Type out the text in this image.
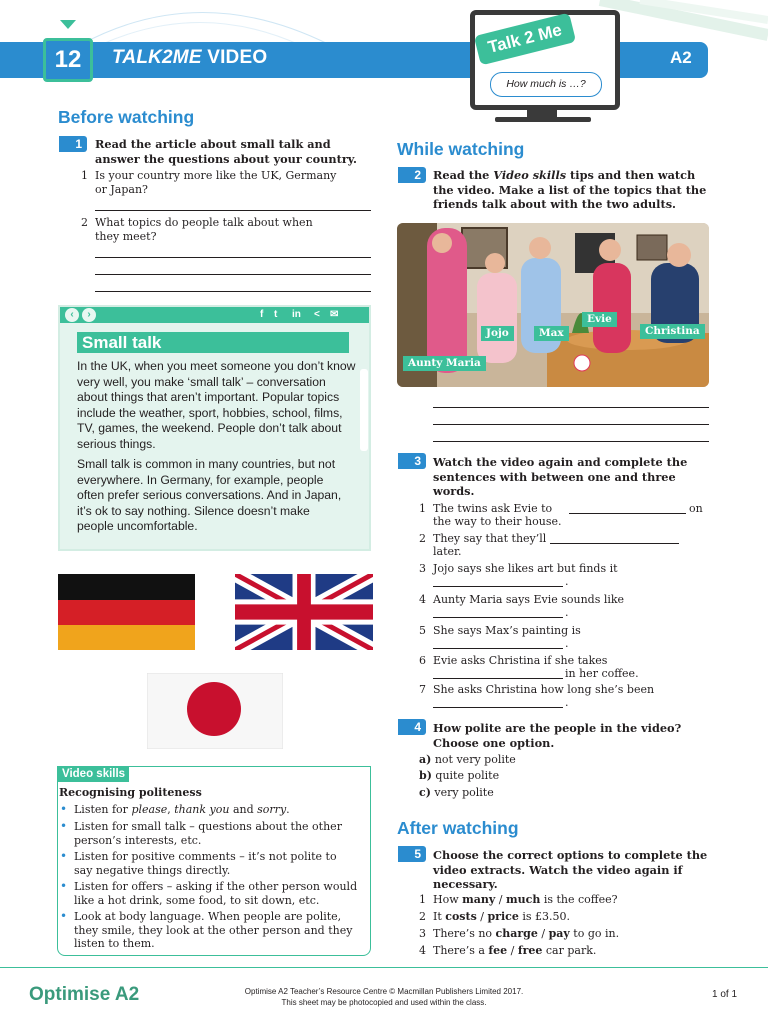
12	TALK2ME VIDEO	A2
Talk 2 Me
How much is …?
Before watching
1	Read the article about small talk and answer the questions about your country.
1 Is your country more like the UK, Germany or Japan?
2 What topics do people talk about when they meet?
‹	›	f t in < ✉
Small talk
In the UK, when you meet someone you don’t know very well, you make ‘small talk’ – conversation about things that aren’t important. Popular topics include the weather, sport, hobbies, school, films, TV, games, the weekend. People don’t talk about serious things.
Small talk is common in many countries, but not everywhere. In Germany, for example, people often prefer serious conversations. And in Japan, it’s ok to say nothing. Silence doesn’t make people uncomfortable.
Video skills
Recognising politeness
• Listen for please, thank you and sorry.
• Listen for small talk – questions about the other person’s interests, etc.
• Listen for positive comments – it’s not polite to say negative things directly.
• Listen for offers – asking if the other person would like a hot drink, some food, to sit down, etc.
• Look at body language. When people are polite, they smile, they look at the other person and they listen to them.
While watching
2	Read the Video skills tips and then watch the video. Make a list of the topics that the friends talk about with the two adults.
Jojo	Max
Evie
Christina
Aunty Maria
3	Watch the video again and complete the sentences with between one and three words.
1 The twins ask Evie to	on
the way to their house.
2 They say that they’ll
later.
3 Jojo says she likes art but finds it
.
4 Aunty Maria says Evie sounds like
.
5 She says Max’s painting is
.
6 Evie asks Christina if she takes
in her coffee.
7 She asks Christina how long she’s been
.
4	How polite are the people in the video? Choose one option.
a) not very polite
b) quite polite
c) very polite
After watching
5	Choose the correct options to complete the video extracts. Watch the video again if necessary.
1 How many / much is the coffee?
2 It costs / price is £3.50.
3 There’s no charge / pay to go in.
4 There’s a fee / free car park.
Optimise A2	Optimise A2 Teacher’s Resource Centre © Macmillan Publishers Limited 2017.
This sheet may be photocopied and used within the class.
1 of 1
